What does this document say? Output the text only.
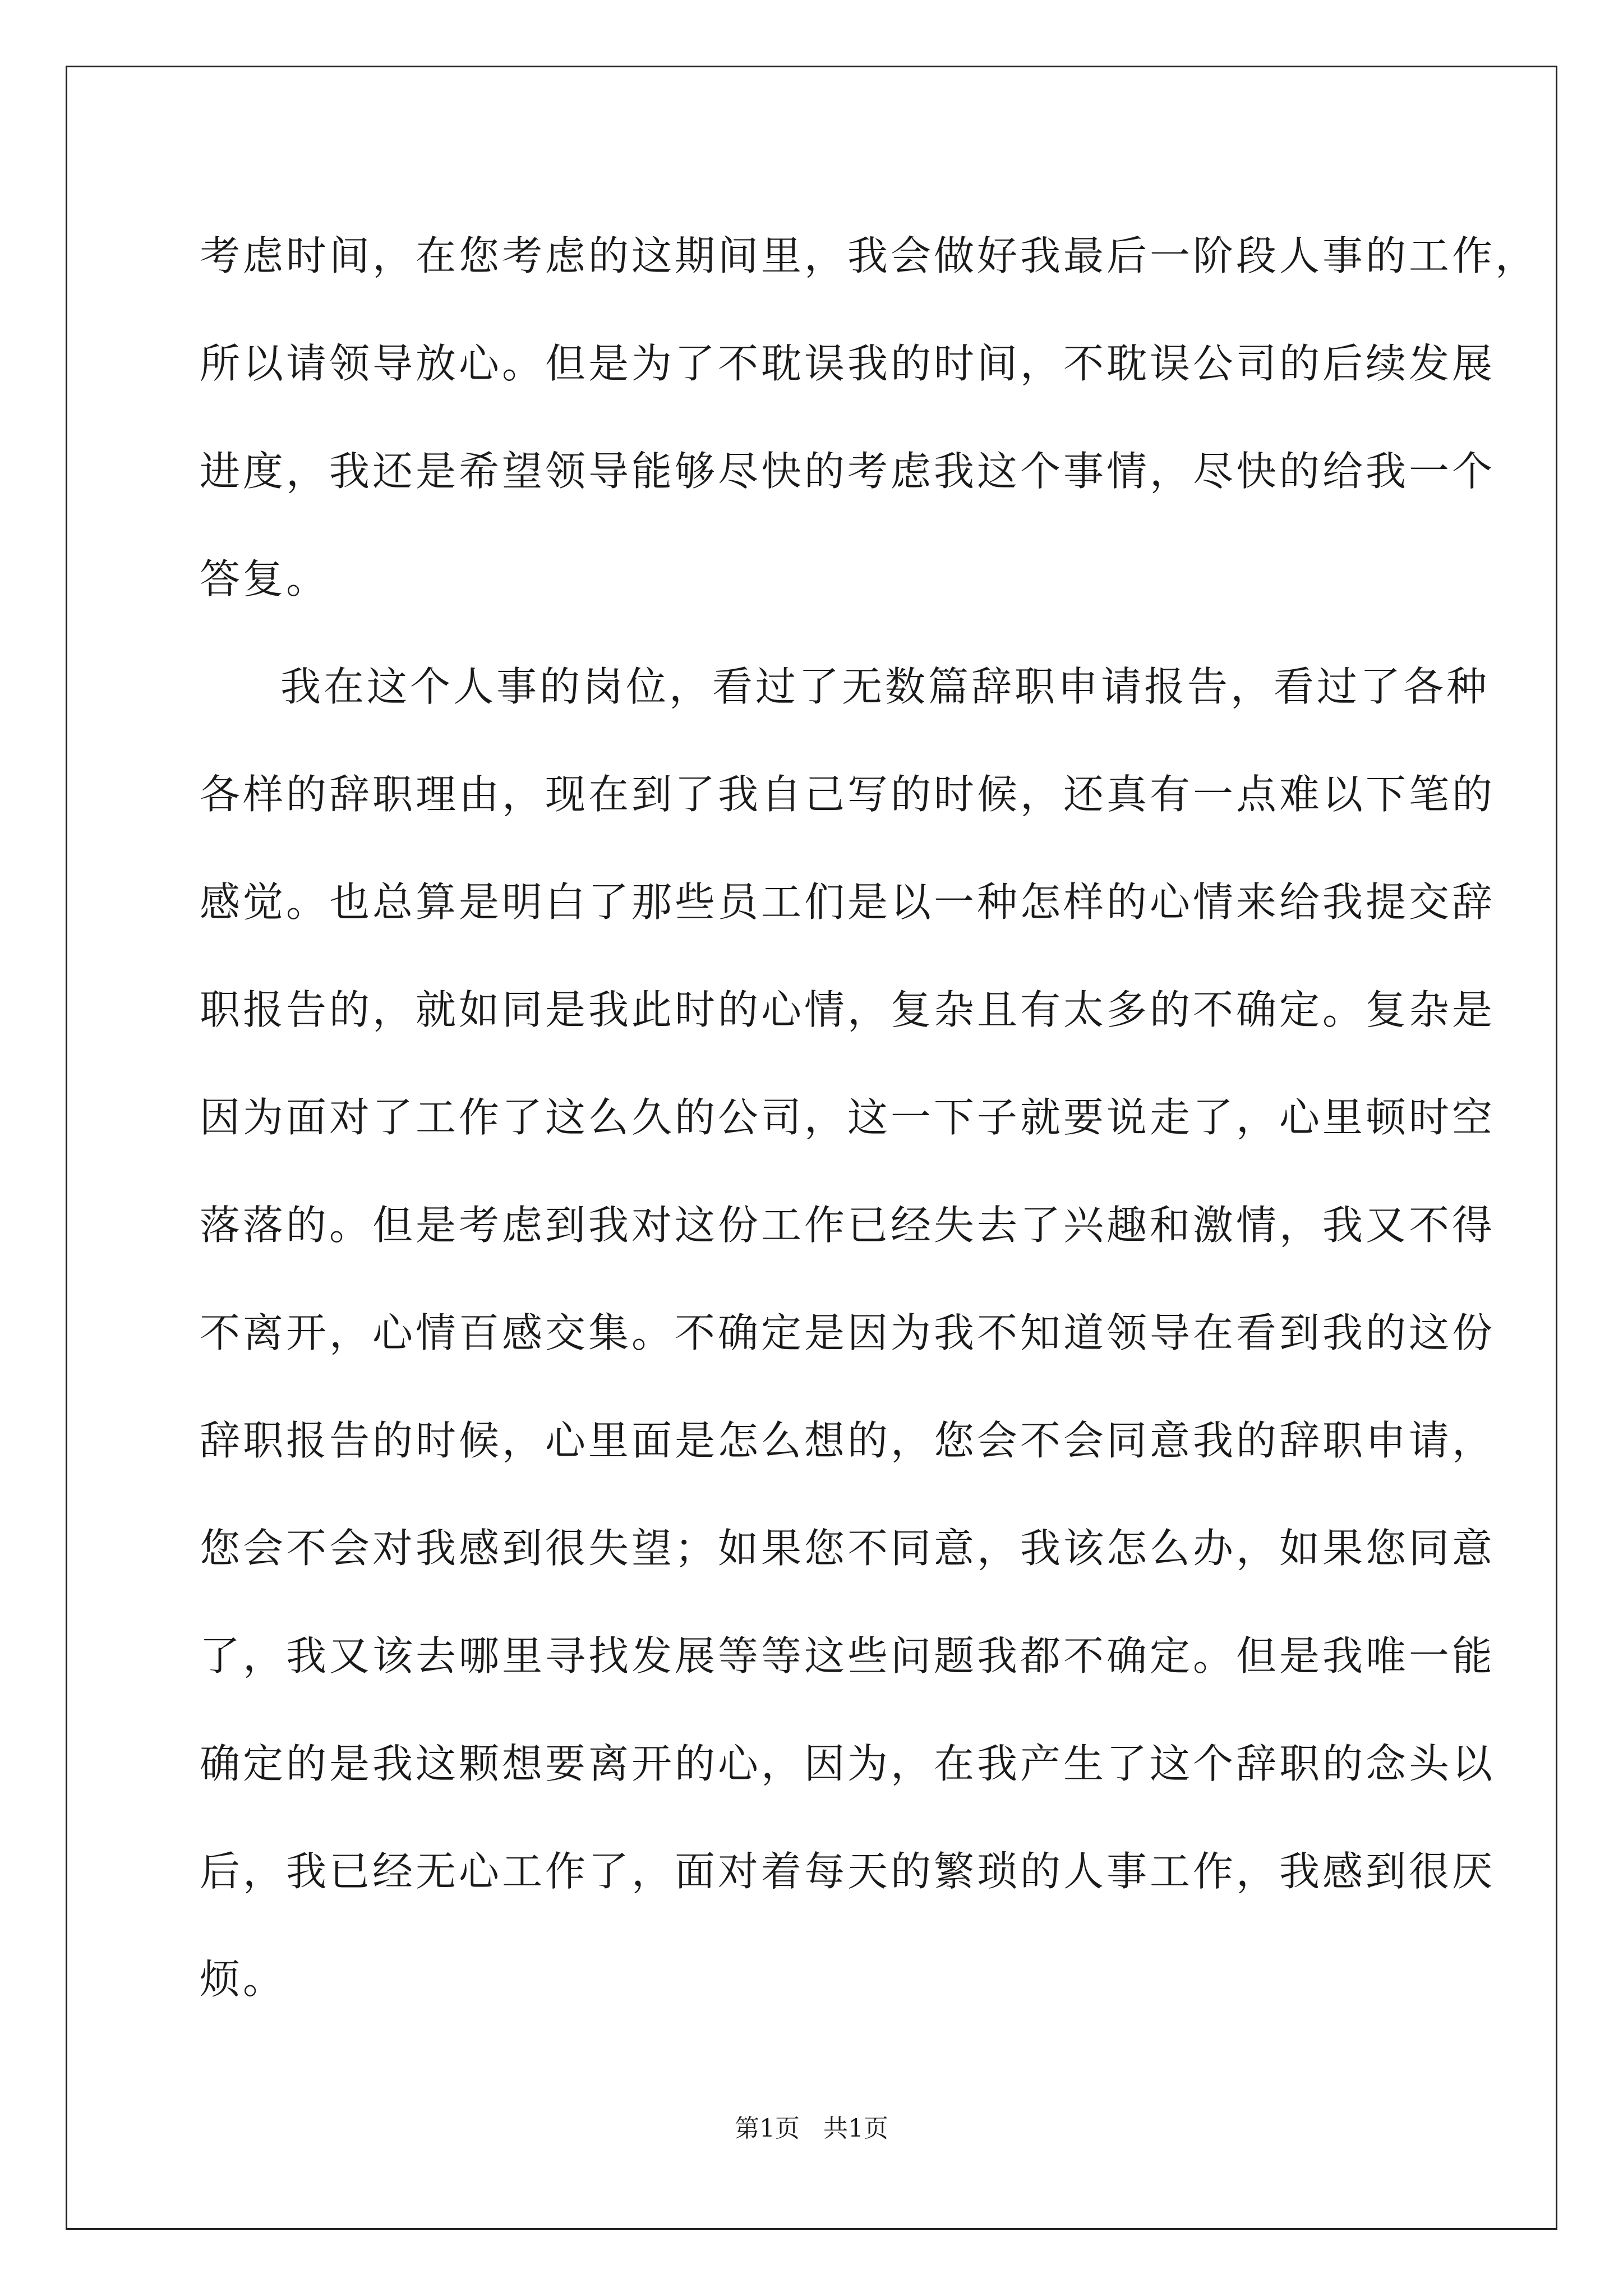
考虑时间，在您考虑的这期间里，我会做好我最后一阶段人事的工作，
所以请领导放心。但是为了不耽误我的时间，不耽误公司的后续发展
进度，我还是希望领导能够尽快的考虑我这个事情，尽快的给我一个
答复。
我在这个人事的岗位，看过了无数篇辞职申请报告，看过了各种
各样的辞职理由，现在到了我自己写的时候，还真有一点难以下笔的
感觉。也总算是明白了那些员工们是以一种怎样的心情来给我提交辞
职报告的，就如同是我此时的心情，复杂且有太多的不确定。复杂是
因为面对了工作了这么久的公司，这一下子就要说走了，心里顿时空
落落的。但是考虑到我对这份工作已经失去了兴趣和激情，我又不得
不离开，心情百感交集。不确定是因为我不知道领导在看到我的这份
辞职报告的时候，心里面是怎么想的，您会不会同意我的辞职申请，
您会不会对我感到很失望；如果您不同意，我该怎么办，如果您同意
了，我又该去哪里寻找发展等等这些问题我都不确定。但是我唯一能
确定的是我这颗想要离开的心，因为，在我产生了这个辞职的念头以
后，我已经无心工作了，面对着每天的繁琐的人事工作，我感到很厌
烦。
第1页   共1页
